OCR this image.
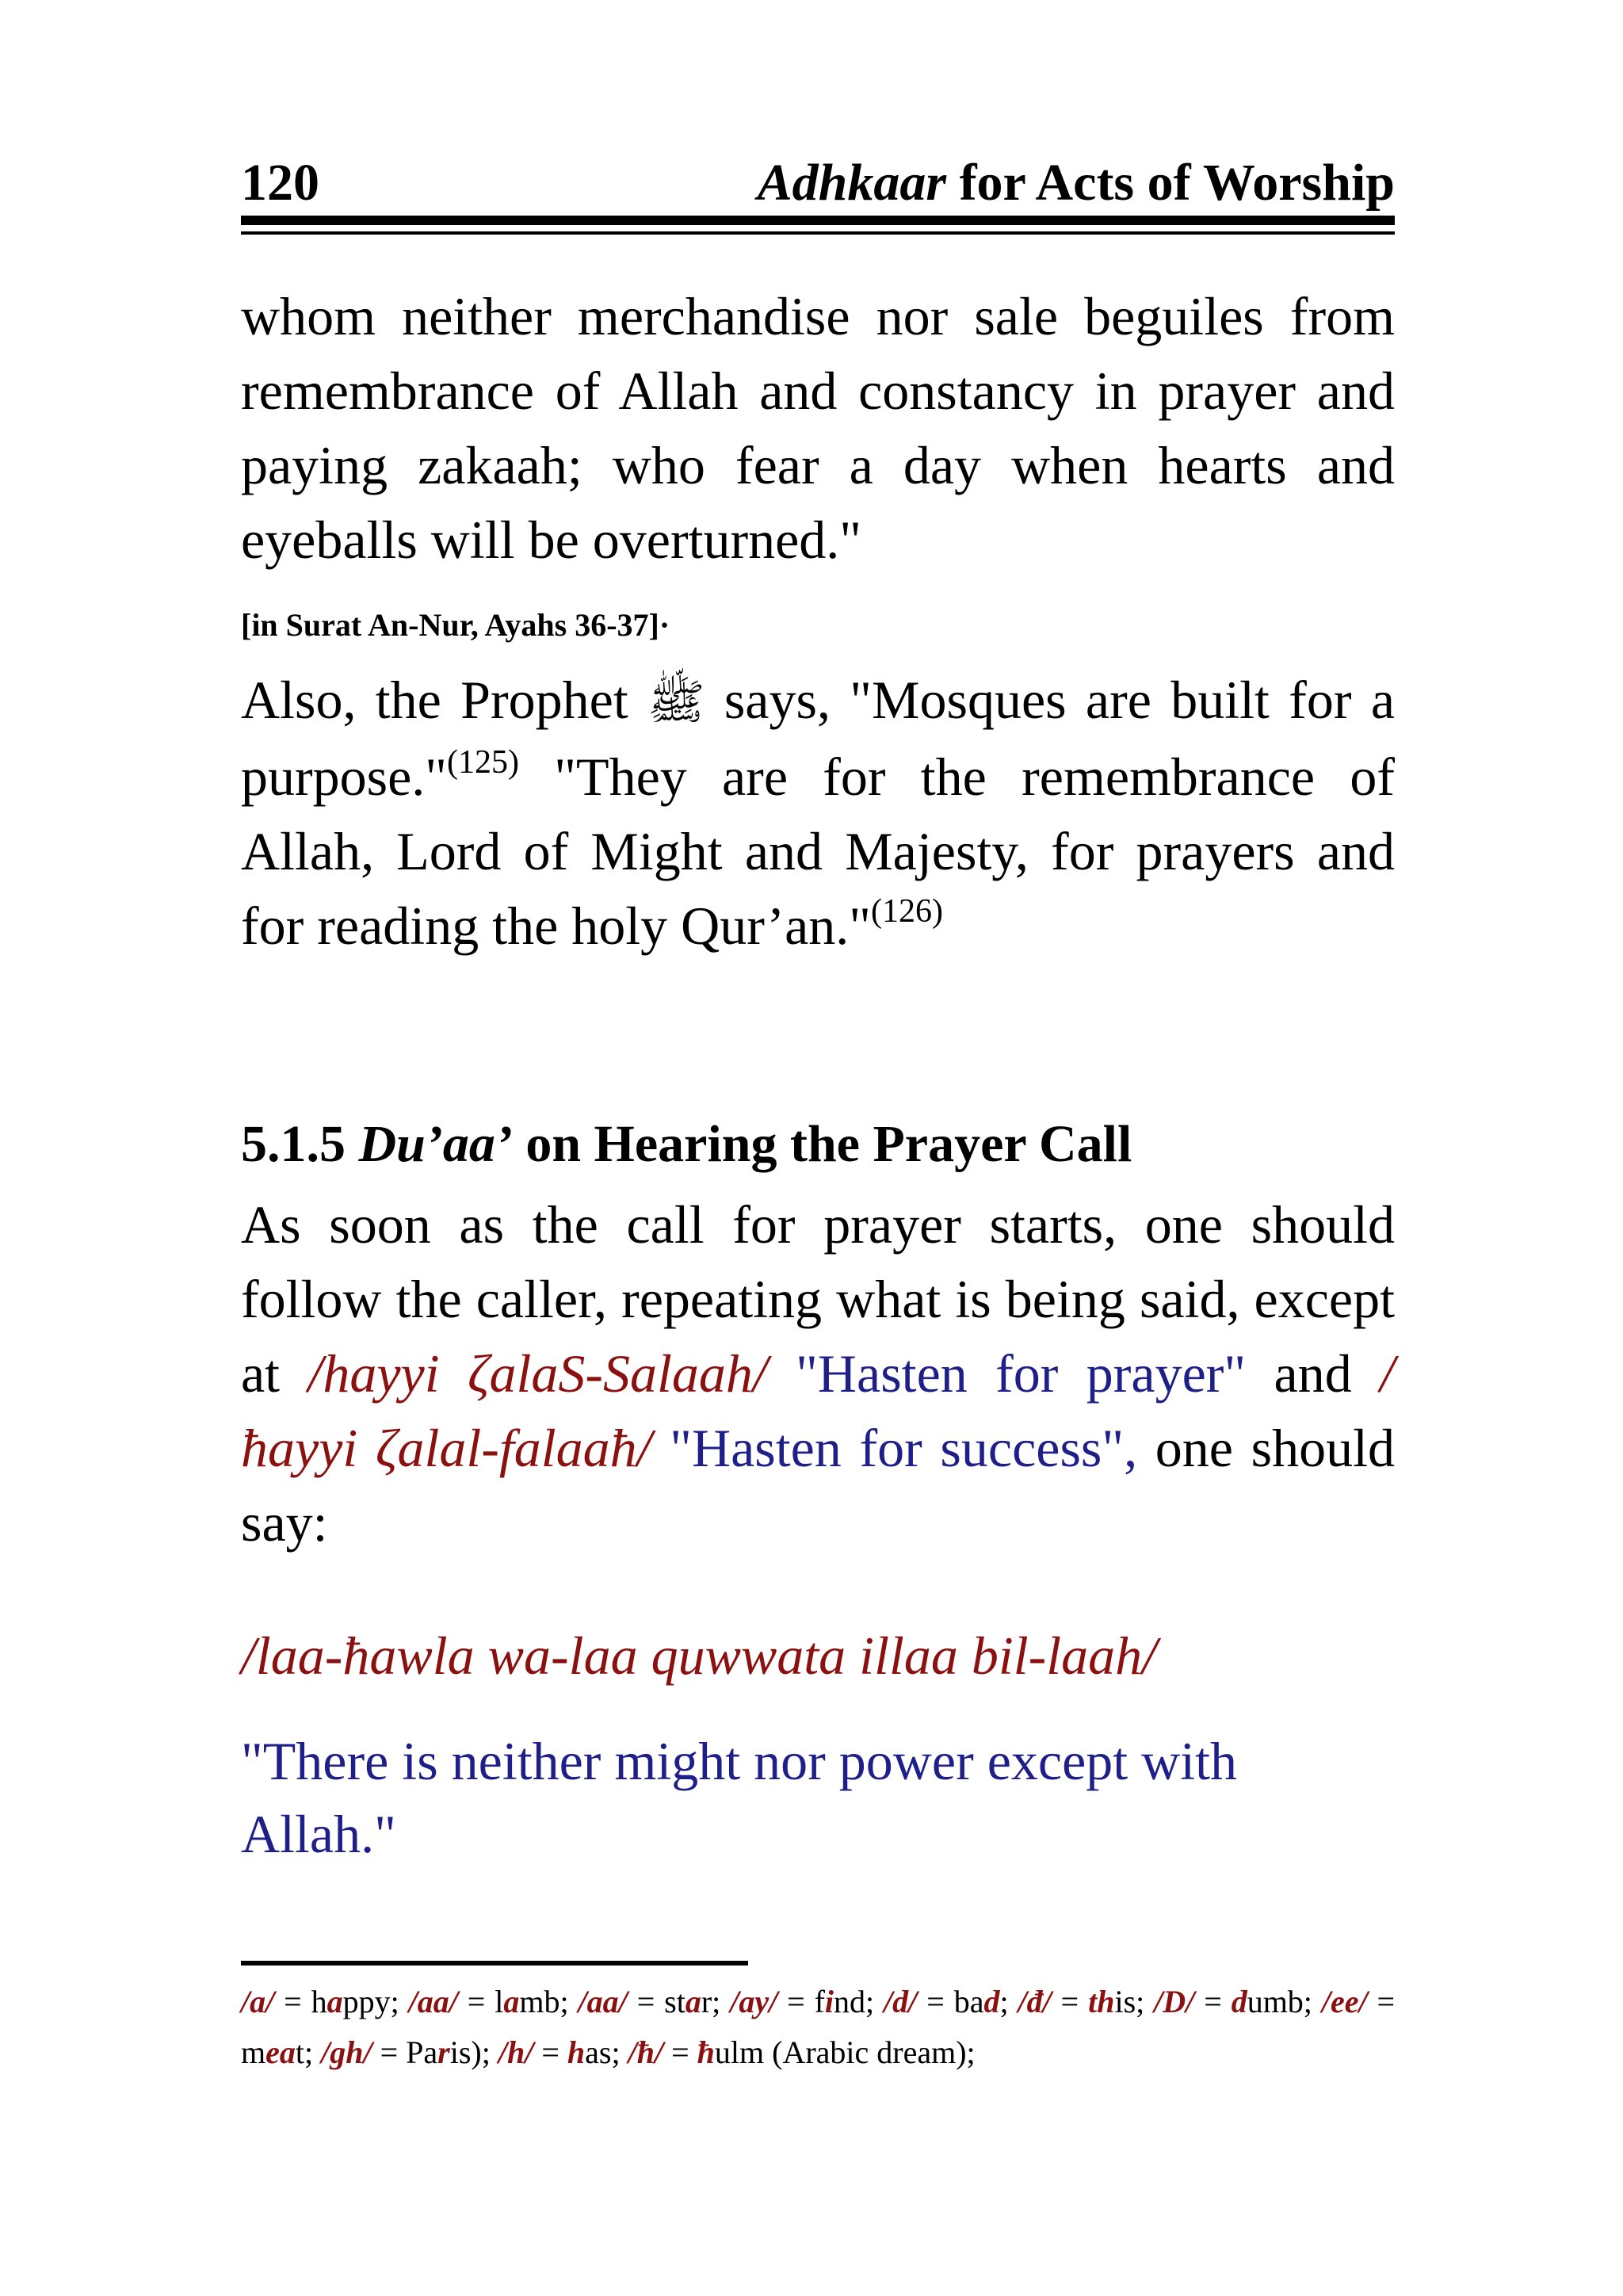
120	Adhkaar for Acts of Worship
whom neither merchandise nor sale beguiles from remembrance of Allah and constancy in prayer and paying zakaah; who fear a day when hearts and eyeballs will be overturned."
[in Surat An-Nur, Ayahs 36-37]·
Also, the Prophet ﷺ says, "Mosques are built for a purpose."$^{(125)}$ "They are for the remembrance of Allah, Lord of Might and Majesty, for prayers and for reading the holy Qur’an."$^{(126)}$
5.1.5 Du’aa’ on Hearing the Prayer Call
As soon as the call for prayer starts, one should follow the caller, repeating what is being said, except at /hayyi ζalaS-Salaah/ "Hasten for prayer" and /ħayyi ζalal-falaaħ/ "Hasten for success", one should say:
/laa-ħawla wa-laa quwwata illaa bil-laah/
"There is neither might nor power except with Allah."
/a/ = happy; /aa/ = lamb; /aa/ = star; /ay/ = find; /d/ = bad; /đ/ = this; /D/ = dumb; /ee/ = meat; /gh/ = Paris); /h/ = has; /ħ/ = ħulm (Arabic dream);
